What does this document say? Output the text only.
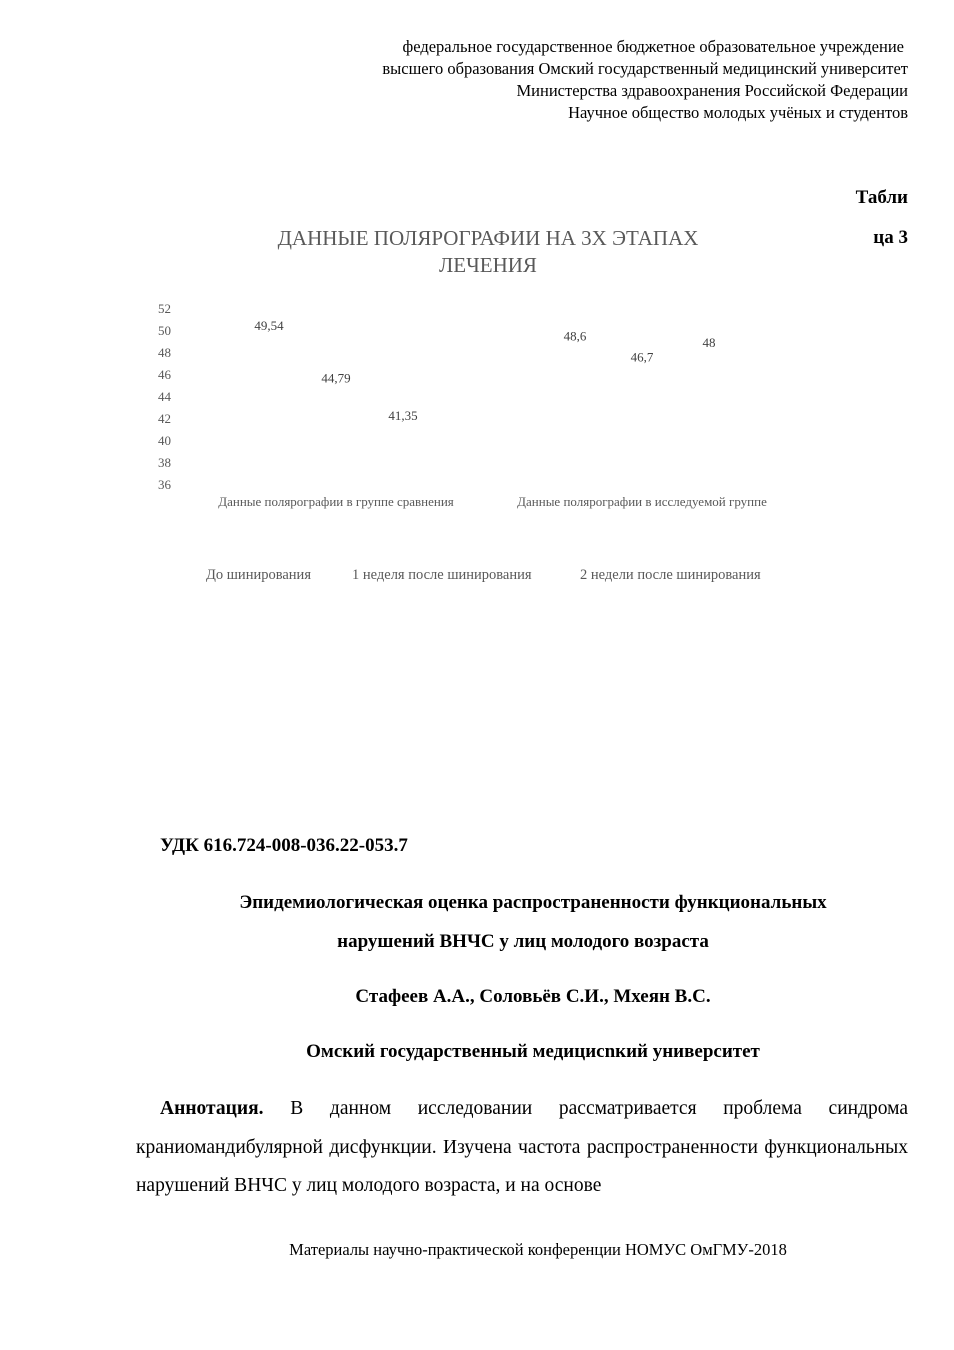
федеральное государственное бюджетное образовательное учреждение
высшего образования Омский государственный медицинский университет
Министерства здравоохранения Российской Федерации
Научное общество молодых учёных и студентов
Табли
ца 3
ДАННЫЕ ПОЛЯРОГРАФИИ НА 3Х ЭТАПАХ
ЛЕЧЕНИЯ
52
50
48
46
44
42
40
38
36
49,54
48,6
44,79
46,7
41,35
48
Данные полярографии в группе сравнения	Данные полярографии в исследуемой группе
До шинирования	1 неделя после шинирования	2 недели после шинирования
УДК 616.724-008-036.22-053.7
Эпидемиологическая оценка распространенности функциональных
нарушений ВНЧС у лиц молодого возраста
Стафеев А.А., Соловьёв С.И., Мхеян В.С.
Омский государственный медицисnкий университет
Аннотация. В данном исследовании рассматривается проблема синдрома краниомандибулярной дисфункции. Изучена частота распространенности функциональных нарушений ВНЧС у лиц молодого возраста, и на основе
Материалы научно-практической конференции НОМУС ОмГМУ-2018
